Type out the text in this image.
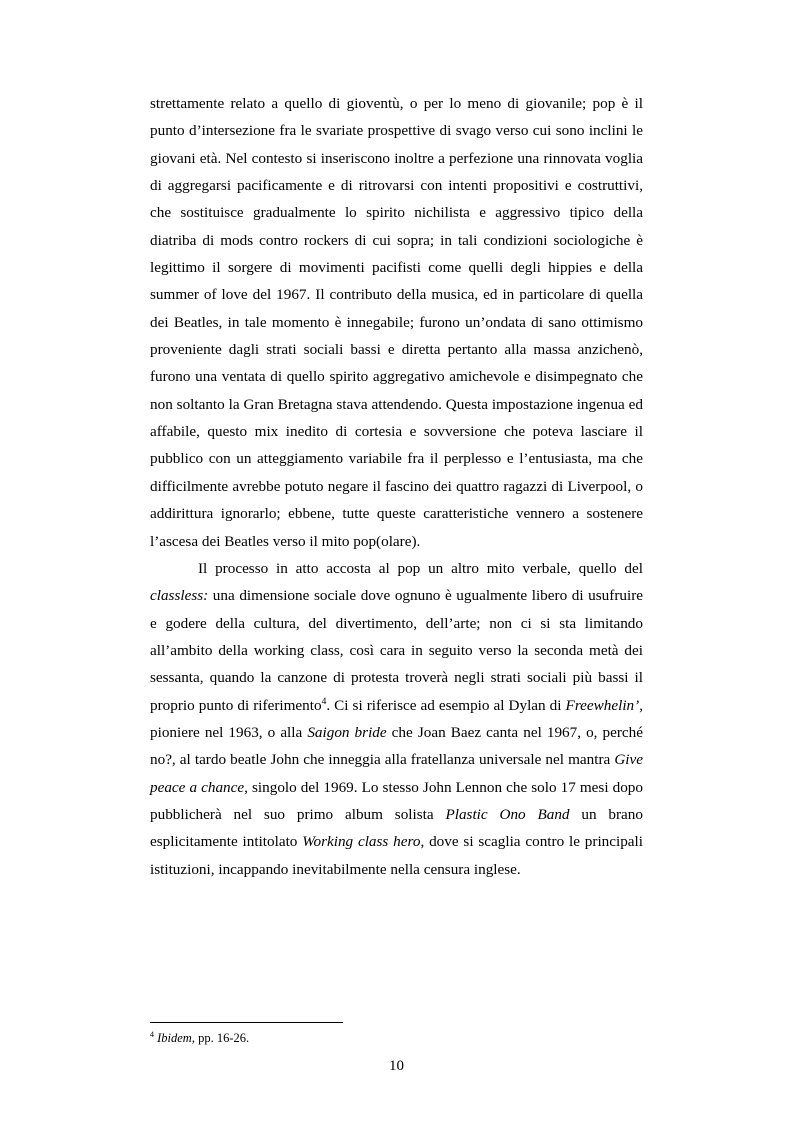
strettamente relato a quello di gioventù, o per lo meno di giovanile; pop è il punto d’intersezione fra le svariate prospettive di svago verso cui sono inclini le giovani età. Nel contesto si inseriscono inoltre a perfezione una rinnovata voglia di aggregarsi pacificamente e di ritrovarsi con intenti propositivi e costruttivi, che sostituisce gradualmente lo spirito nichilista e aggressivo tipico della diatriba di mods contro rockers di cui sopra; in tali condizioni sociologiche è legittimo il sorgere di movimenti pacifisti come quelli degli hippies e della summer of love del 1967. Il contributo della musica, ed in particolare di quella dei Beatles, in tale momento è innegabile; furono un’ondata di sano ottimismo proveniente dagli strati sociali bassi e diretta pertanto alla massa anzichenò, furono una ventata di quello spirito aggregativo amichevole e disimpegnato che non soltanto la Gran Bretagna stava attendendo. Questa impostazione ingenua ed affabile, questo mix inedito di cortesia e sovversione che poteva lasciare il pubblico con un atteggiamento variabile fra il perplesso e l’entusiasta, ma che difficilmente avrebbe potuto negare il fascino dei quattro ragazzi di Liverpool, o addirittura ignorarlo; ebbene, tutte queste caratteristiche vennero a sostenere l’ascesa dei Beatles verso il mito pop(olare).

Il processo in atto accosta al pop un altro mito verbale, quello del classless: una dimensione sociale dove ognuno è ugualmente libero di usufruire e godere della cultura, del divertimento, dell’arte; non ci si sta limitando all’ambito della working class, così cara in seguito verso la seconda metà dei sessanta, quando la canzone di protesta troverà negli strati sociali più bassi il proprio punto di riferimento$^4$. Ci si riferisce ad esempio al Dylan di Freewhelin’, pioniere nel 1963, o alla Saigon bride che Joan Baez canta nel 1967, o, perché no?, al tardo beatle John che inneggia alla fratellanza universale nel mantra Give peace a chance, singolo del 1969. Lo stesso John Lennon che solo 17 mesi dopo pubblicherà nel suo primo album solista Plastic Ono Band un brano esplicitamente intitolato Working class hero, dove si scaglia contro le principali istituzioni, incappando inevitabilmente nella censura inglese.

$^4$ Ibidem, pp. 16-26.
10
